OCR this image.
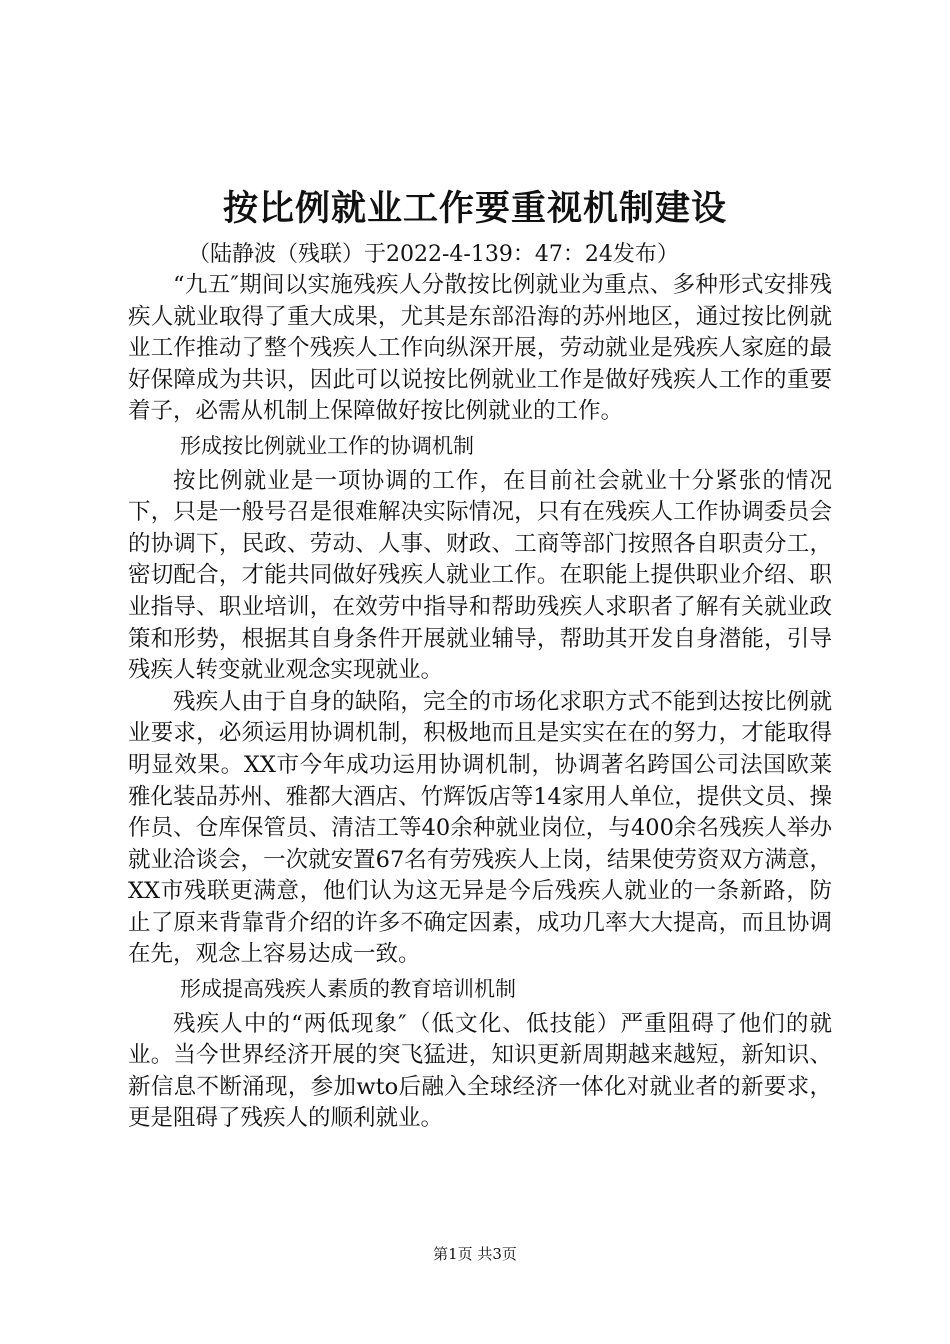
按比例就业工作要重视机制建设

（陆静波（残联）于2022-4-139：47：24发布）

“九五″期间以实施残疾人分散按比例就业为重点、多种形式安排残疾人就业取得了重大成果，尤其是东部沿海的苏州地区，通过按比例就业工作推动了整个残疾人工作向纵深开展，劳动就业是残疾人家庭的最好保障成为共识，因此可以说按比例就业工作是做好残疾人工作的重要着子，必需从机制上保障做好按比例就业的工作。

形成按比例就业工作的协调机制

按比例就业是一项协调的工作，在目前社会就业十分紧张的情况下，只是一般号召是很难解决实际情况，只有在残疾人工作协调委员会的协调下，民政、劳动、人事、财政、工商等部门按照各自职责分工，密切配合，才能共同做好残疾人就业工作。在职能上提供职业介绍、职业指导、职业培训，在效劳中指导和帮助残疾人求职者了解有关就业政策和形势，根据其自身条件开展就业辅导，帮助其开发自身潜能，引导残疾人转变就业观念实现就业。

残疾人由于自身的缺陷，完全的市场化求职方式不能到达按比例就业要求，必须运用协调机制，积极地而且是实实在在的努力，才能取得明显效果。XX市今年成功运用协调机制，协调著名跨国公司法国欧莱雅化装品苏州、雅都大酒店、竹辉饭店等14家用人单位，提供文员、操作员、仓库保管员、清洁工等40余种就业岗位，与400余名残疾人举办就业洽谈会，一次就安置67名有劳残疾人上岗，结果使劳资双方满意，XX市残联更满意，他们认为这无异是今后残疾人就业的一条新路，防止了原来背靠背介绍的许多不确定因素，成功几率大大提高，而且协调在先，观念上容易达成一致。

形成提高残疾人素质的教育培训机制

残疾人中的“两低现象″（低文化、低技能）严重阻碍了他们的就业。当今世界经济开展的突飞猛进，知识更新周期越来越短，新知识、新信息不断涌现，参加wto后融入全球经济一体化对就业者的新要求，更是阻碍了残疾人的顺利就业。

第1页 共3页
